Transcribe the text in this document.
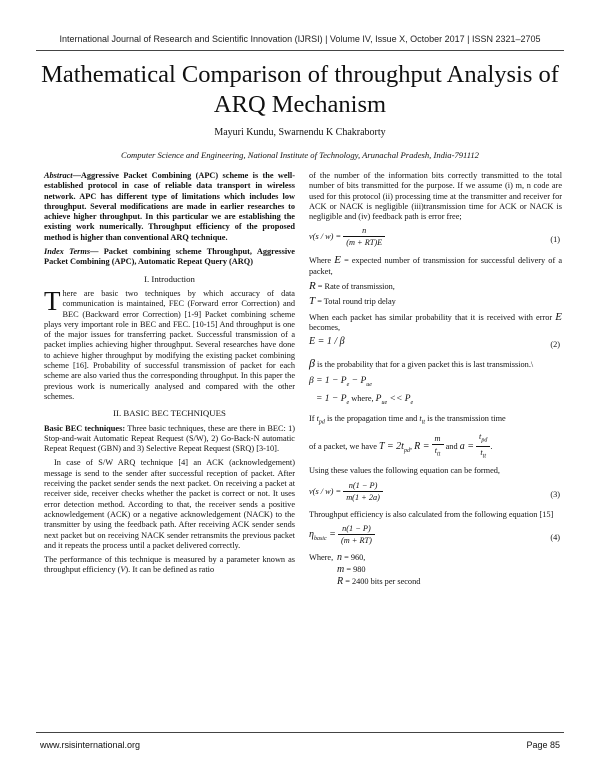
International Journal of Research and Scientific Innovation (IJRSI) | Volume IV, Issue X, October 2017 | ISSN 2321–2705
Mathematical Comparison of throughput Analysis of ARQ Mechanism
Mayuri Kundu, Swarnendu K Chakraborty
Computer Science and Engineering, National Institute of Technology, Arunachal Pradesh, India-791112

Abstract—Aggressive Packet Combining (APC) scheme is the well-established protocol in case of reliable data transport in wireless network. APC has different type of limitations which includes low throughput. Several modifications are made in earlier researches to achieve higher throughput. In this particular we are establishing the existing work numerically. Throughput efficiency of the proposed method is higher than conventional ARQ technique.

Index Terms— Packet combining scheme Throughput, Aggressive Packet Combining (APC), Automatic Repeat Query (ARQ)

I. Introduction

There are basic two techniques by which accuracy of data communication is maintained, FEC (Forward error Correction) and BEC (Backward error Correction) [1-9] Packet combining scheme plays very important role in BEC and FEC. [10-15] And throughput is one of the major issues for transferring packet. Successful transmission of a packet implies achieving higher throughput. Several researches have done to achieve higher throughput by modifying the existing packet combining scheme [16]. Probability of successful transmission of packet for each scheme are also varied thus the corresponding throughput. In this paper the previous work is numerically analysed and compared with the other schemes.

II. BASIC BEC TECHNIQUES

Basic BEC techniques: Three basic techniques, these are there in BEC: 1) Stop-and-wait Automatic Repeat Request (S/W), 2) Go-Back-N automatic Repeat Request (GBN) and 3) Selective Repeat Request (SRQ) [3-10].

In case of S/W ARQ technique [4] an ACK (acknowledgement) message is send to the sender after successful reception of packet. After receiving the packet sender sends the next packet. On receiving a packet at receiver side, receiver checks whether the packet is correct or not. It uses error detection method. According to that, the receiver sends a positive acknowledgement (ACK) or a negative acknowledgement (NACK) to the transmitter by using the feedback path. After receiving ACK sender sends next packet but on receiving NACK sender retransmits the previous packet and it repeats the process until a packet delivered correctly.

The performance of this technique is measured by a parameter known as throughput efficiency (V). It can be defined as ratio

of the number of the information bits correctly transmitted to the total number of bits transmitted for the purpose. If we assume (i) m, n code are used for this protocol (ii) processing time at the transmitter and receiver for ACK or NACK is negligible (iii)transmission time for ACK or NACK is negligible and (iv) feedback path is error free;

$v(s / w) = \frac{n}{(m + RT)E}$	(1)

Where E = expected number of transmission for successful delivery of a packet,

R = Rate of transmission,

T = Total round trip delay

When each packet has similar probability that it is received with error E becomes,

E = 1 / β	(2)

β is the probability that for a given packet this is last transmission.\

$\beta = 1 - P_e - P_{ue}$

= $1 - P_e$ where, $P_{ue} << P_e$

If $t_{pd}$ is the propagation time and $t_{tt}$ is the transmission time

of a packet, we have $T = 2t_{pd}$, $R = \frac{m}{t_{tt}}$ and $a = \frac{t_{pd}}{t_{tt}}$ .

Using these values the following equation can be formed,

$v(s / w) = \frac{n(1 - P)}{m(1 + 2a)}$	(3)

Throughput efficiency is also calculated from the following equation [15]

$\eta_{basic} = \frac{n(1 - P)}{(m + RT)}$	(4)
Where, n = 960,
m = 980
R = 2400 bits per second
www.rsisinternational.org	Page 85
